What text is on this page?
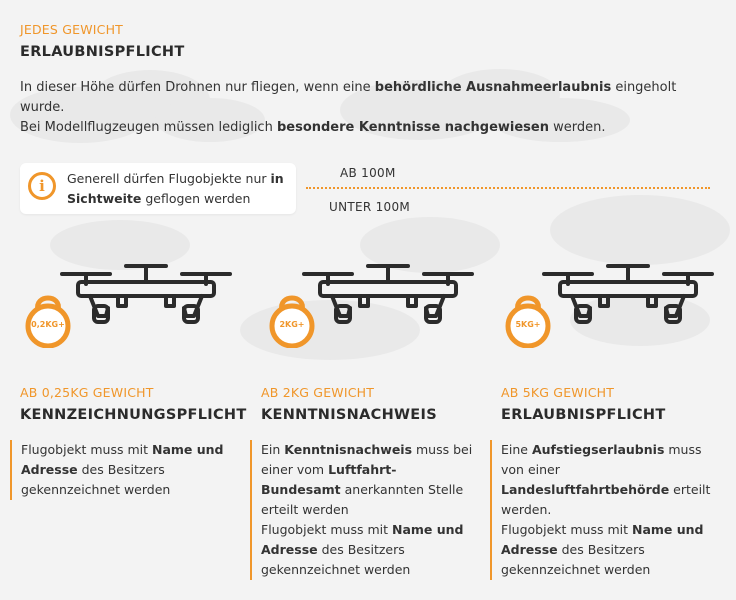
JEDES GEWICHT
ERLAUBNISPFLICHT
In dieser Höhe dürfen Drohnen nur fliegen, wenn eine behördliche Ausnahmeerlaubnis eingeholt wurde.
Bei Modellflugzeugen müssen lediglich besondere Kenntnisse nachgewiesen werden.
i	Generell dürfen Flugobjekte nur in Sichtweite geflogen werden
AB 100M
UNTER 100M
0,2KG+	2KG+	5KG+
AB 0,25KG GEWICHT
KENNZEICHNUNGSPFLICHT
Flugobjekt muss mit Name und Adresse des Besitzers gekennzeichnet werden
AB 2KG GEWICHT
KENNTNISNACHWEIS
Ein Kenntnisnachweis muss bei einer vom Luftfahrt-Bundesamt anerkannten Stelle erteilt werden
Flugobjekt muss mit Name und Adresse des Besitzers gekennzeichnet werden
AB 5KG GEWICHT
ERLAUBNISPFLICHT
Eine Aufstiegserlaubnis muss von einer Landesluftfahrtbehörde erteilt werden.
Flugobjekt muss mit Name und Adresse des Besitzers gekennzeichnet werden
